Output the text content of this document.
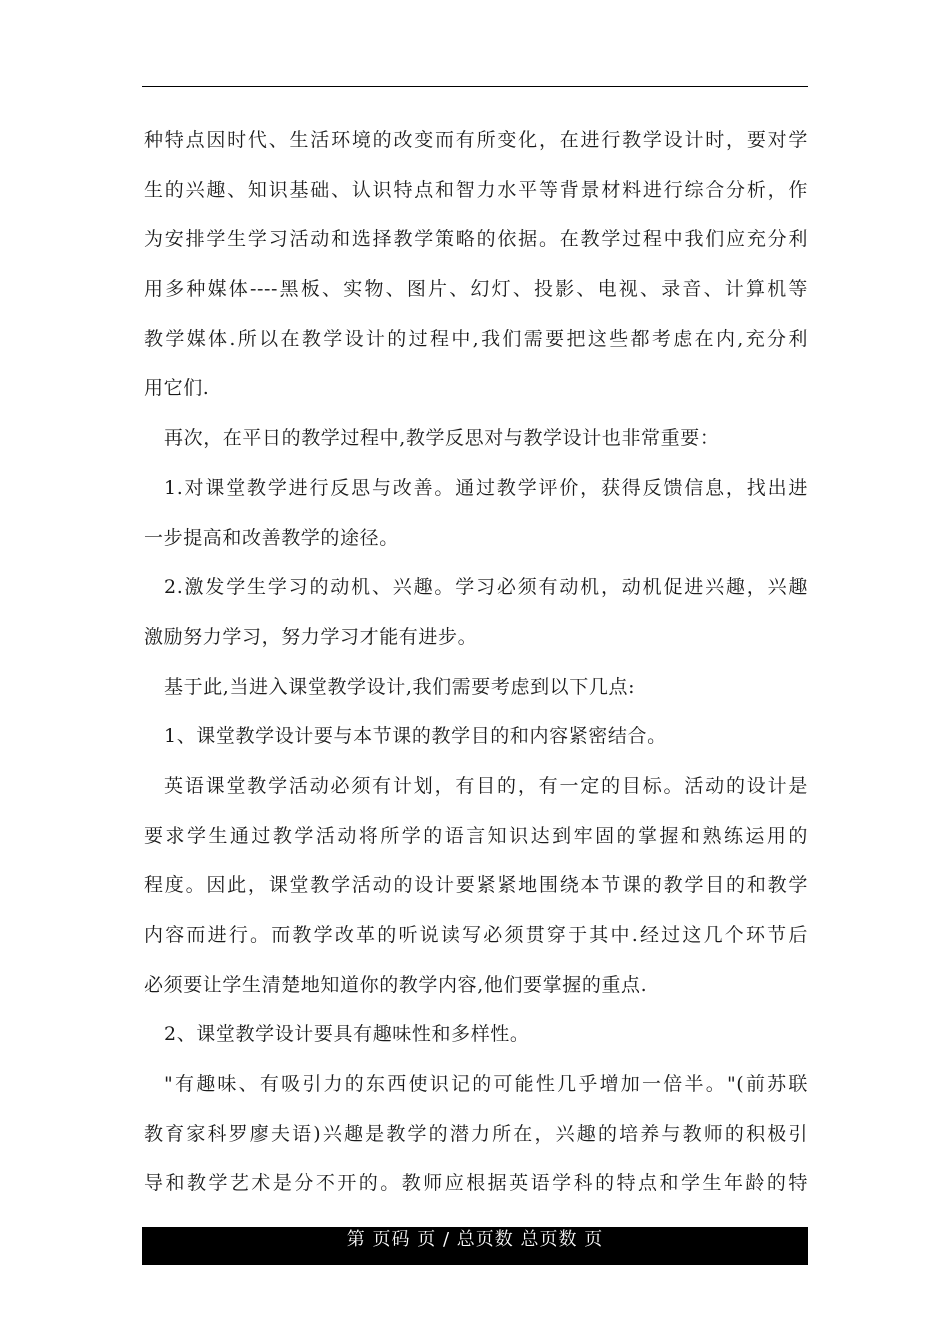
种特点因时代、生活环境的改变而有所变化，在进行教学设计时，要对学
生的兴趣、知识基础、认识特点和智力水平等背景材料进行综合分析，作
为安排学生学习活动和选择教学策略的依据。在教学过程中我们应充分利
用多种媒体----黑板、实物、图片、幻灯、投影、电视、录音、计算机等
教学媒体.所以在教学设计的过程中,我们需要把这些都考虑在内,充分利
用它们.
再次，在平日的教学过程中,教学反思对与教学设计也非常重要：
1.对课堂教学进行反思与改善。通过教学评价，获得反馈信息，找出进
一步提高和改善教学的途径。
2.激发学生学习的动机、兴趣。学习必须有动机，动机促进兴趣，兴趣
激励努力学习，努力学习才能有进步。
基于此,当进入课堂教学设计,我们需要考虑到以下几点:
1、课堂教学设计要与本节课的教学目的和内容紧密结合。
英语课堂教学活动必须有计划，有目的，有一定的目标。活动的设计是
要求学生通过教学活动将所学的语言知识达到牢固的掌握和熟练运用的
程度。因此，课堂教学活动的设计要紧紧地围绕本节课的教学目的和教学
内容而进行。而教学改革的听说读写必须贯穿于其中.经过这几个环节后
必须要让学生清楚地知道你的教学内容,他们要掌握的重点.
2、课堂教学设计要具有趣味性和多样性。
"有趣味、有吸引力的东西使识记的可能性几乎增加一倍半。"(前苏联
教育家科罗廖夫语)兴趣是教学的潜力所在，兴趣的培养与教师的积极引
导和教学艺术是分不开的。教师应根据英语学科的特点和学生年龄的特
第 页码 页 / 总页数 总页数 页
